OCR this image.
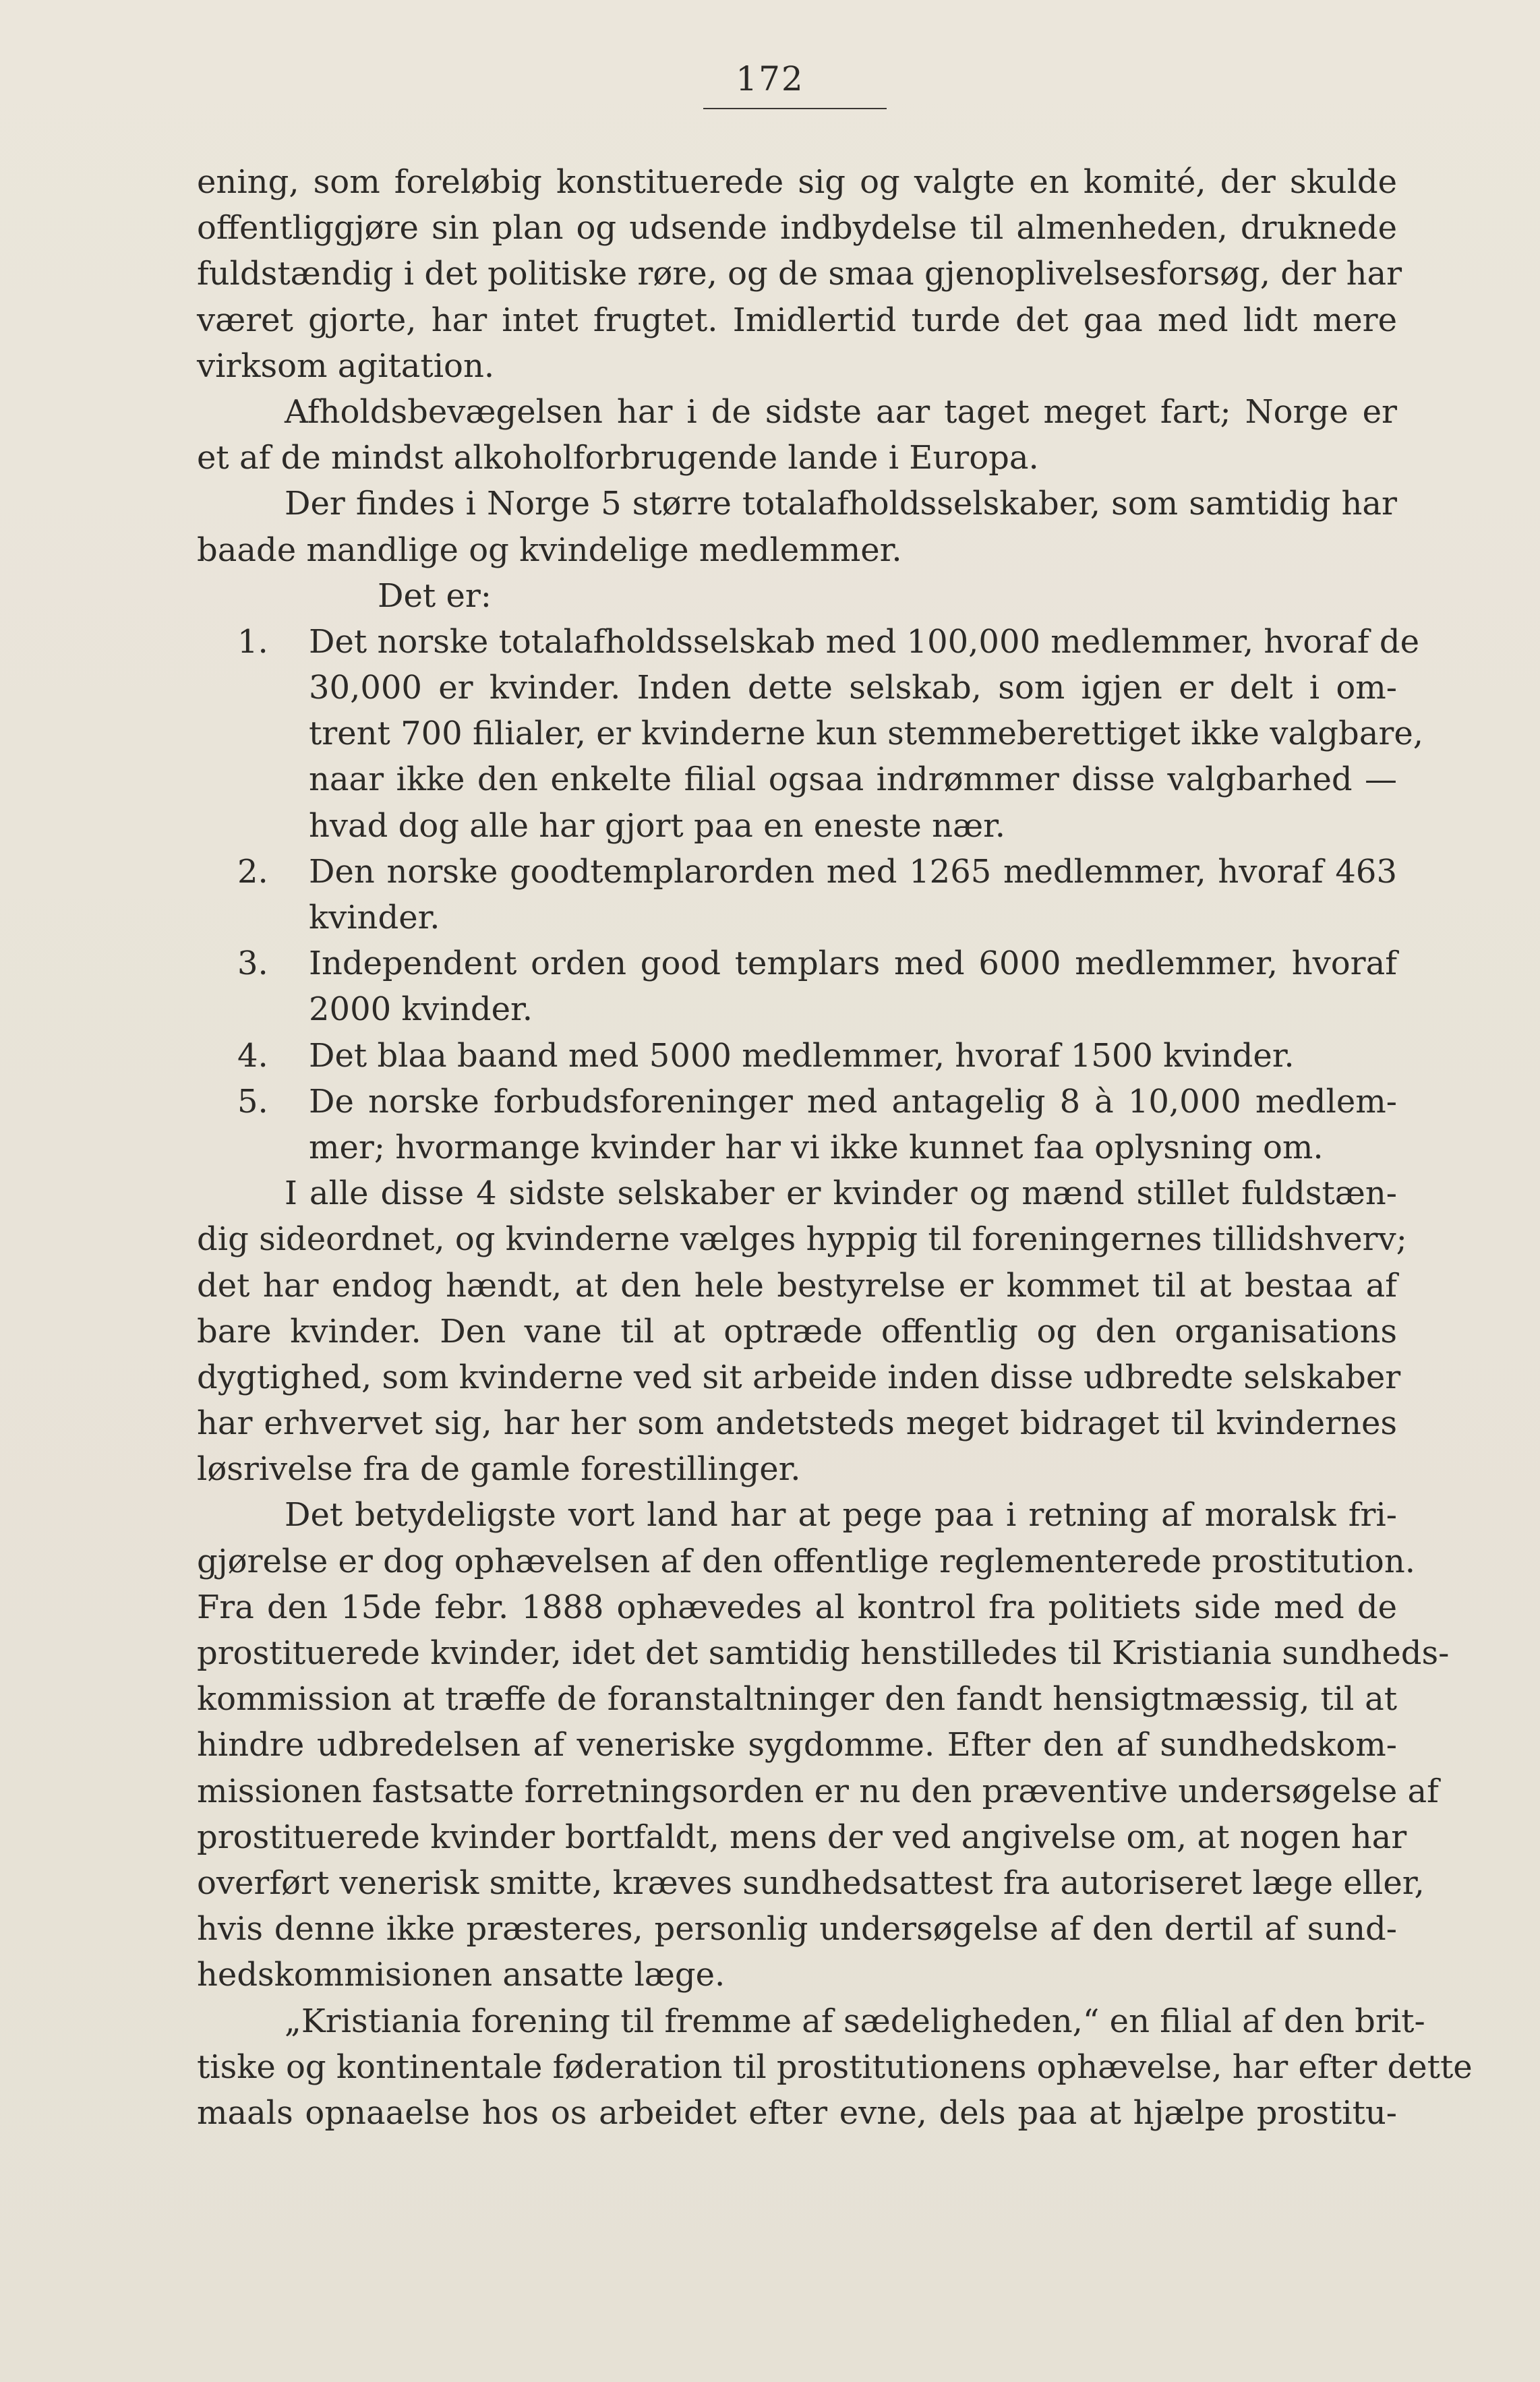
172
ening, som foreløbig konstituerede sig og valgte en komité, der skulde
offentliggjøre sin plan og udsende indbydelse til almenheden, druknede
fuldstændig i det politiske røre, og de smaa gjenoplivelsesforsøg, der har
været gjorte, har intet frugtet. Imidlertid turde det gaa med lidt mere
virksom agitation.
Afholdsbevægelsen har i de sidste aar taget meget fart; Norge er
et af de mindst alkoholforbrugende lande i Europa.
Der findes i Norge 5 større totalafholdsselskaber, som samtidig har
baade mandlige og kvindelige medlemmer.
Det er:
1. Det norske totalafholdsselskab med 100,000 medlemmer, hvoraf de
30,000 er kvinder. Inden dette selskab, som igjen er delt i om-
trent 700 filialer, er kvinderne kun stemmeberettiget ikke valgbare,
naar ikke den enkelte filial ogsaa indrømmer disse valgbarhed —
hvad dog alle har gjort paa en eneste nær.
2. Den norske goodtemplarorden med 1265 medlemmer, hvoraf 463
kvinder.
3. Independent orden good templars med 6000 medlemmer, hvoraf
2000 kvinder.
4. Det blaa baand med 5000 medlemmer, hvoraf 1500 kvinder.
5. De norske forbudsforeninger med antagelig 8 à 10,000 medlem-
mer; hvormange kvinder har vi ikke kunnet faa oplysning om.
I alle disse 4 sidste selskaber er kvinder og mænd stillet fuldstæn-
dig sideordnet, og kvinderne vælges hyppig til foreningernes tillidshverv;
det har endog hændt, at den hele bestyrelse er kommet til at bestaa af
bare kvinder. Den vane til at optræde offentlig og den organisations
dygtighed, som kvinderne ved sit arbeide inden disse udbredte selskaber
har erhvervet sig, har her som andetsteds meget bidraget til kvindernes
løsrivelse fra de gamle forestillinger.
Det betydeligste vort land har at pege paa i retning af moralsk fri-
gjørelse er dog ophævelsen af den offentlige reglementerede prostitution.
Fra den 15de febr. 1888 ophævedes al kontrol fra politiets side med de
prostituerede kvinder, idet det samtidig henstilledes til Kristiania sundheds-
kommission at træffe de foranstaltninger den fandt hensigtmæssig, til at
hindre udbredelsen af veneriske sygdomme. Efter den af sundhedskom-
missionen fastsatte forretningsorden er nu den præventive undersøgelse af
prostituerede kvinder bortfaldt, mens der ved angivelse om, at nogen har
overført venerisk smitte, kræves sundhedsattest fra autoriseret læge eller,
hvis denne ikke præsteres, personlig undersøgelse af den dertil af sund-
hedskommisionen ansatte læge.
„Kristiania forening til fremme af sædeligheden,“ en filial af den brit-
tiske og kontinentale føderation til prostitutionens ophævelse, har efter dette
maals opnaaelse hos os arbeidet efter evne, dels paa at hjælpe prostitu-
